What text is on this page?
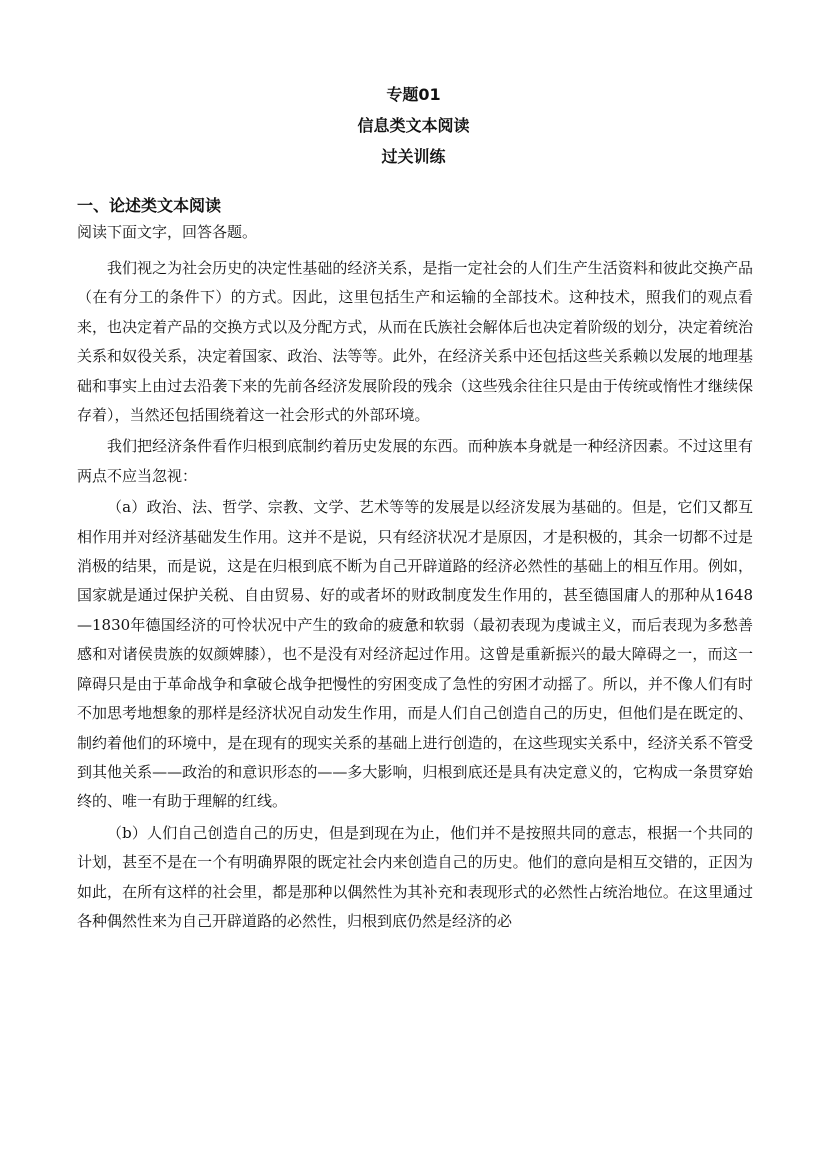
专题01
信息类文本阅读
过关训练
一、论述类文本阅读
阅读下面文字，回答各题。

我们视之为社会历史的决定性基础的经济关系，是指一定社会的人们生产生活资料和彼此交换产品（在有分工的条件下）的方式。因此，这里包括生产和运输的全部技术。这种技术，照我们的观点看来，也决定着产品的交换方式以及分配方式，从而在氏族社会解体后也决定着阶级的划分，决定着统治关系和奴役关系，决定着国家、政治、法等等。此外，在经济关系中还包括这些关系赖以发展的地理基础和事实上由过去沿袭下来的先前各经济发展阶段的残余（这些残余往往只是由于传统或惰性才继续保存着），当然还包括围绕着这一社会形式的外部环境。

我们把经济条件看作归根到底制约着历史发展的东西。而种族本身就是一种经济因素。不过这里有两点不应当忽视：

（a）政治、法、哲学、宗教、文学、艺术等等的发展是以经济发展为基础的。但是，它们又都互相作用并对经济基础发生作用。这并不是说，只有经济状况才是原因，才是积极的，其余一切都不过是消极的结果，而是说，这是在归根到底不断为自己开辟道路的经济必然性的基础上的相互作用。例如，国家就是通过保护关税、自由贸易、好的或者坏的财政制度发生作用的，甚至德国庸人的那种从1648—1830年德国经济的可怜状况中产生的致命的疲惫和软弱（最初表现为虔诚主义，而后表现为多愁善感和对诸侯贵族的奴颜婢膝），也不是没有对经济起过作用。这曾是重新振兴的最大障碍之一，而这一障碍只是由于革命战争和拿破仑战争把慢性的穷困变成了急性的穷困才动摇了。所以，并不像人们有时不加思考地想象的那样是经济状况自动发生作用，而是人们自己创造自己的历史，但他们是在既定的、制约着他们的环境中，是在现有的现实关系的基础上进行创造的，在这些现实关系中，经济关系不管受到其他关系——政治的和意识形态的——多大影响，归根到底还是具有决定意义的，它构成一条贯穿始终的、唯一有助于理解的红线。

（b）人们自己创造自己的历史，但是到现在为止，他们并不是按照共同的意志，根据一个共同的计划，甚至不是在一个有明确界限的既定社会内来创造自己的历史。他们的意向是相互交错的，正因为如此，在所有这样的社会里，都是那种以偶然性为其补充和表现形式的必然性占统治地位。在这里通过各种偶然性来为自己开辟道路的必然性，归根到底仍然是经济的必
